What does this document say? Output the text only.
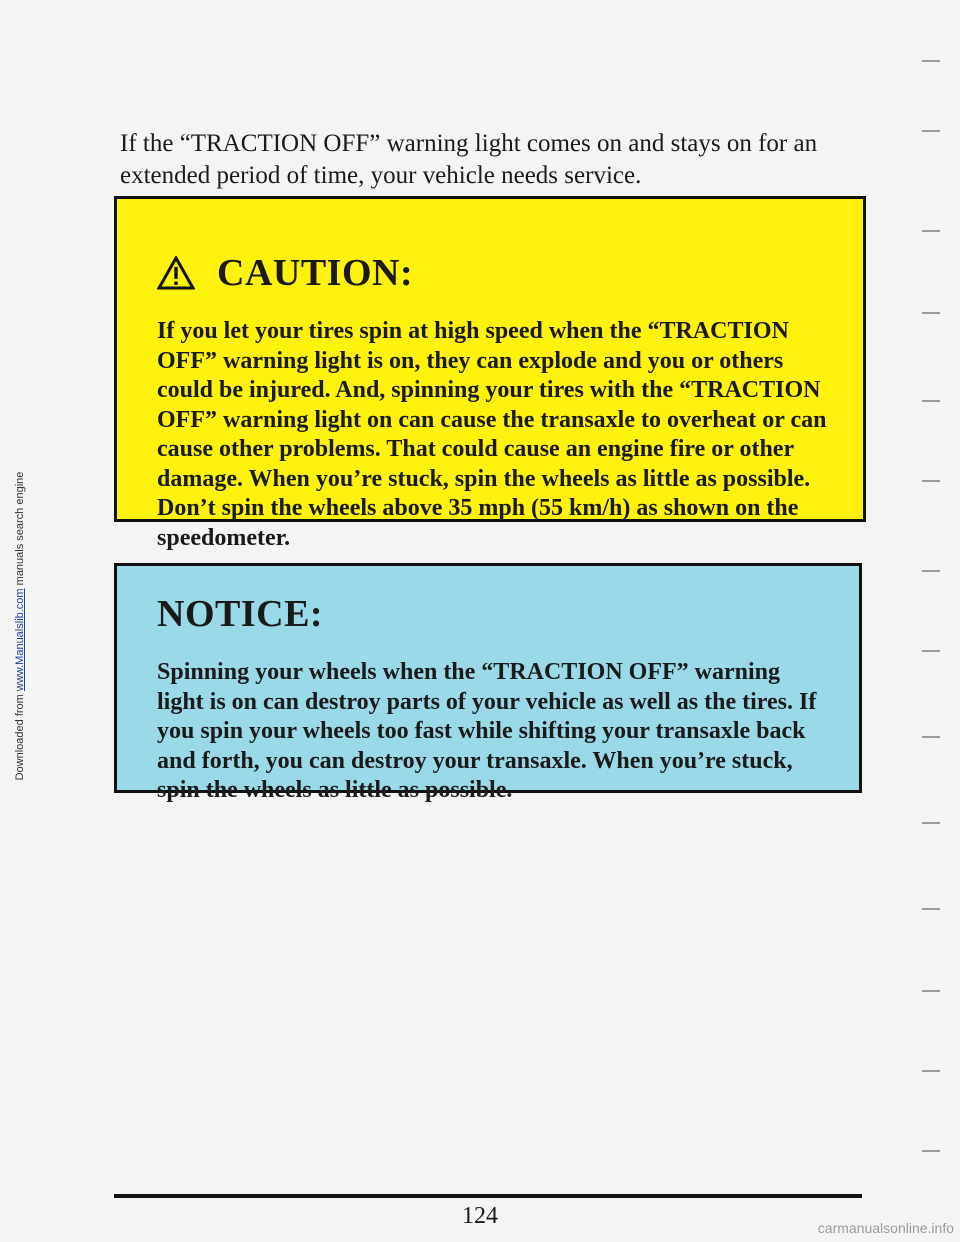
If the “TRACTION OFF” warning light comes on and stays on for an extended period of time, your vehicle needs service.

CAUTION:

If you let your tires spin at high speed when the “TRACTION OFF” warning light is on, they can explode and you or others could be injured. And, spinning your tires with the “TRACTION OFF” warning light on can cause the transaxle to overheat or can cause other problems. That could cause an engine fire or other damage. When you’re stuck, spin the wheels as little as possible. Don’t spin the wheels above 35 mph (55 km/h) as shown on the speedometer.

NOTICE:

Spinning your wheels when the “TRACTION OFF” warning light is on can destroy parts of your vehicle as well as the tires. If you spin your wheels too fast while shifting your transaxle back and forth, you can destroy your transaxle. When you’re stuck, spin the wheels as little as possible.

124

Downloaded from www.Manualslib.com manuals search engine
carmanualsonline.info
